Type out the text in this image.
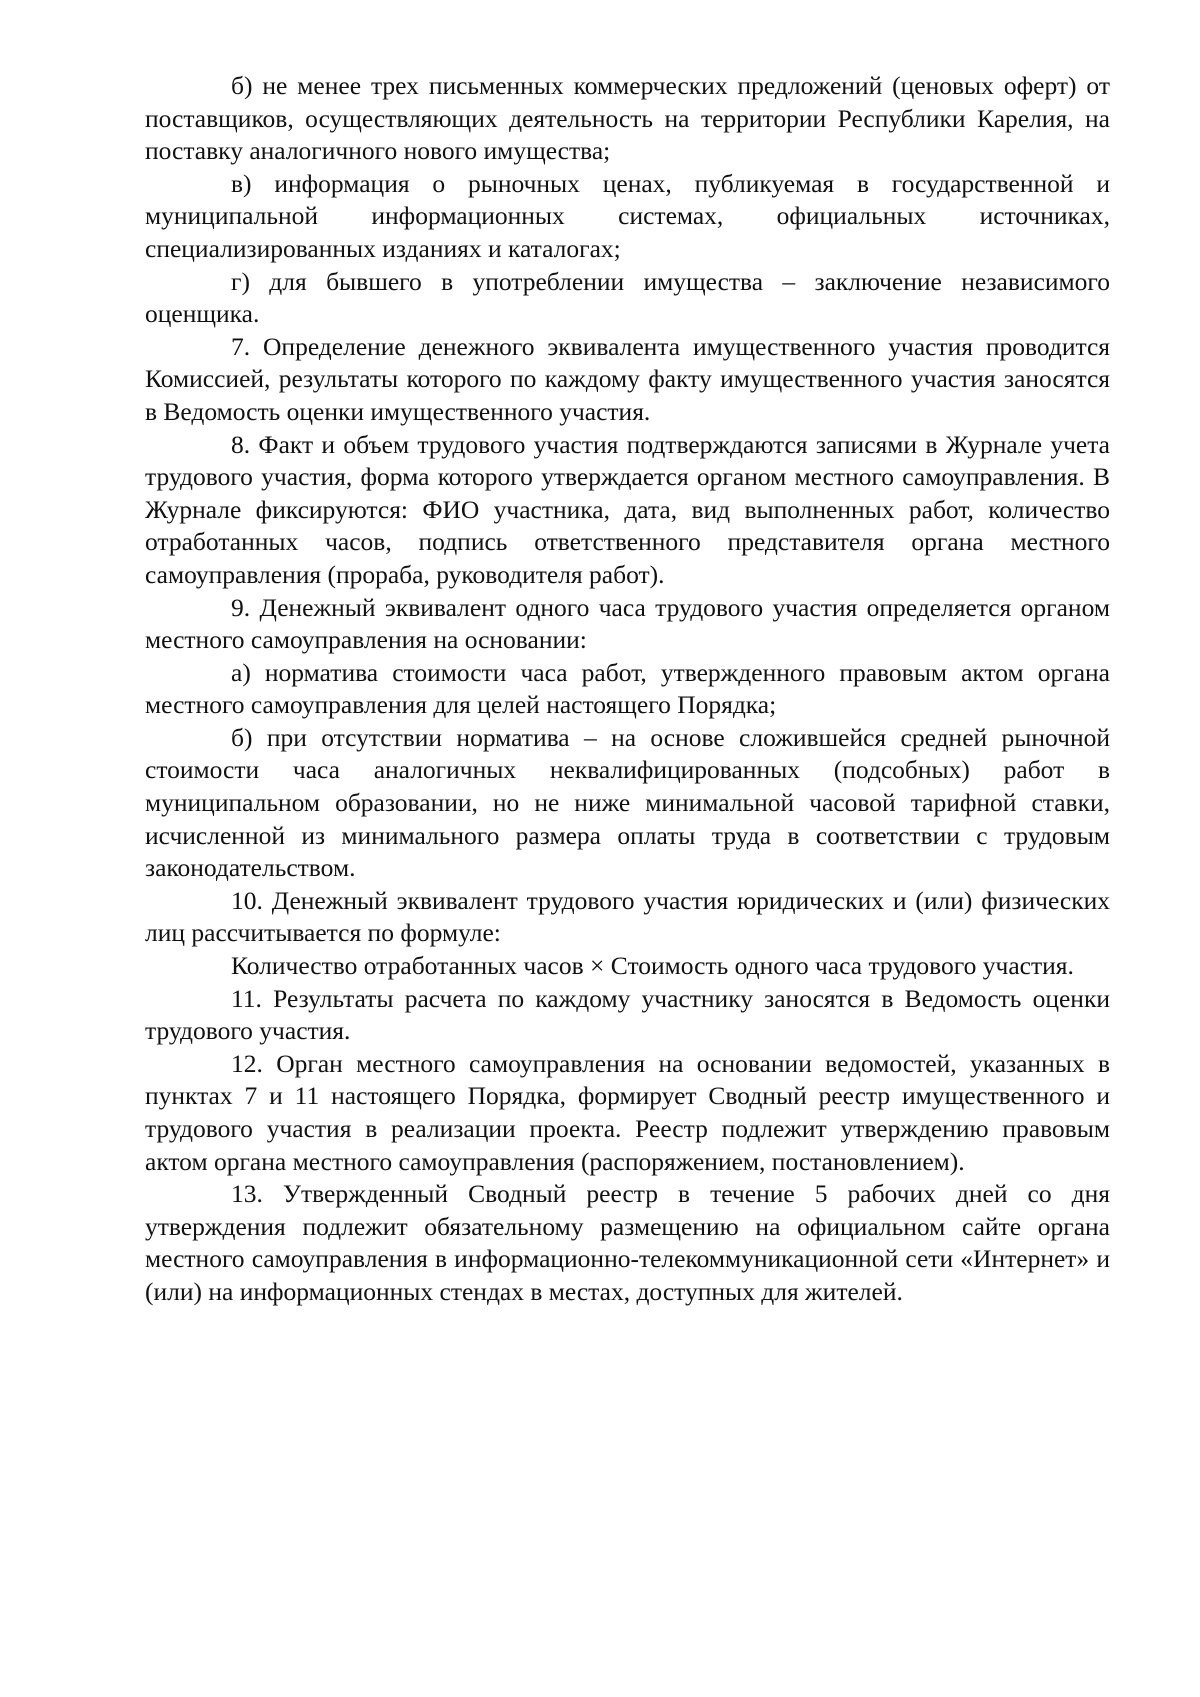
б) не менее трех письменных коммерческих предложений (ценовых оферт) от поставщиков, осуществляющих деятельность на территории Республики Карелия, на поставку аналогичного нового имущества;

в) информация о рыночных ценах, публикуемая в государственной и муниципальной информационных системах, официальных источниках, специализированных изданиях и каталогах;

г) для бывшего в употреблении имущества – заключение независимого оценщика.

7. Определение денежного эквивалента имущественного участия проводится Комиссией, результаты которого по каждому факту имущественного участия заносятся в Ведомость оценки имущественного участия.

8. Факт и объем трудового участия подтверждаются записями в Журнале учета трудового участия, форма которого утверждается органом местного самоуправления. В Журнале фиксируются: ФИО участника, дата, вид выполненных работ, количество отработанных часов, подпись ответственного представителя органа местного самоуправления (прораба, руководителя работ).

9. Денежный эквивалент одного часа трудового участия определяется органом местного самоуправления на основании:

а) норматива стоимости часа работ, утвержденного правовым актом органа местного самоуправления для целей настоящего Порядка;

б) при отсутствии норматива – на основе сложившейся средней рыночной стоимости часа аналогичных неквалифицированных (подсобных) работ в муниципальном образовании, но не ниже минимальной часовой тарифной ставки, исчисленной из минимального размера оплаты труда в соответствии с трудовым законодательством.

10. Денежный эквивалент трудового участия юридических и (или) физических лиц рассчитывается по формуле:

Количество отработанных часов × Стоимость одного часа трудового участия.

11. Результаты расчета по каждому участнику заносятся в Ведомость оценки трудового участия.

12. Орган местного самоуправления на основании ведомостей, указанных в пунктах 7 и 11 настоящего Порядка, формирует Сводный реестр имущественного и трудового участия в реализации проекта. Реестр подлежит утверждению правовым актом органа местного самоуправления (распоряжением, постановлением).

13. Утвержденный Сводный реестр в течение 5 рабочих дней со дня утверждения подлежит обязательному размещению на официальном сайте органа местного самоуправления в информационно-телекоммуникационной сети «Интернет» и (или) на информационных стендах в местах, доступных для жителей.
